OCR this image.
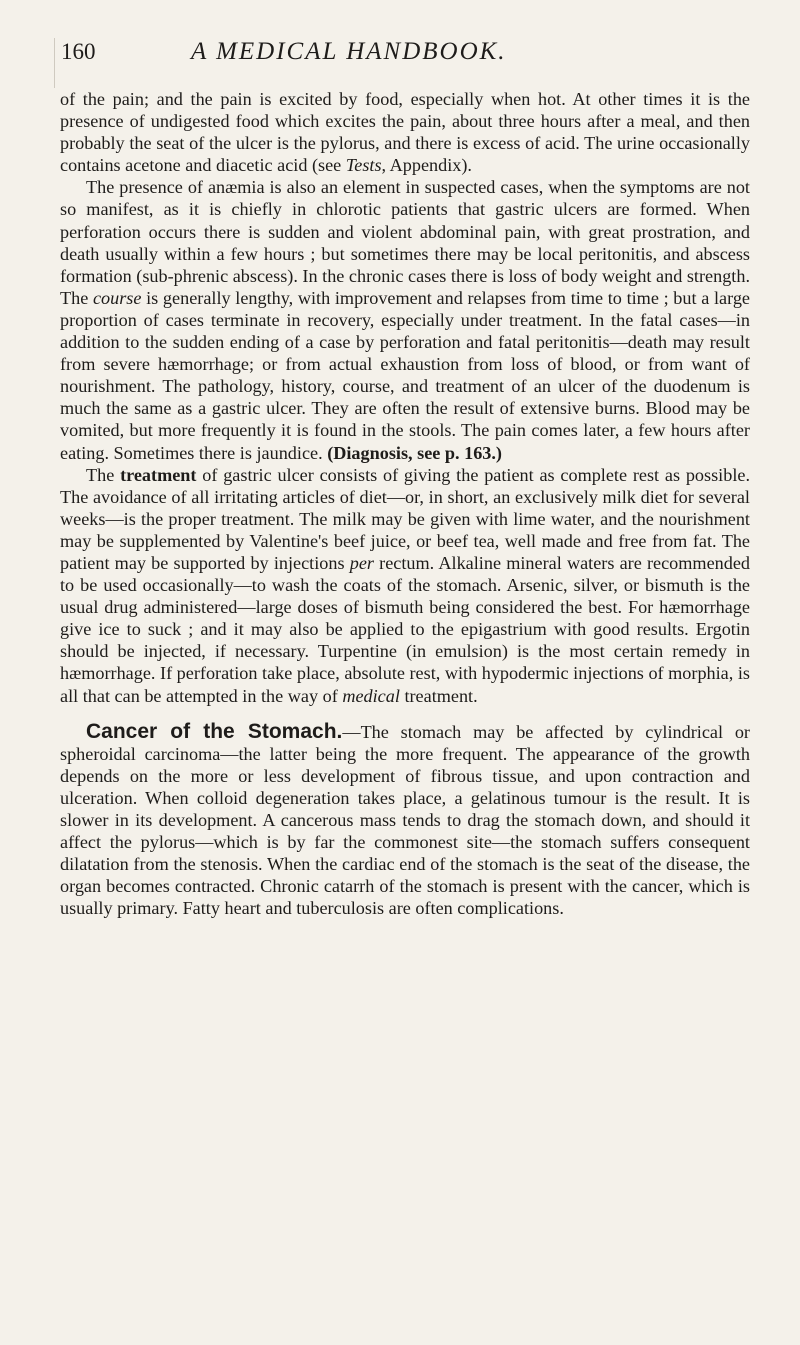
160	A MEDICAL HANDBOOK.

of the pain; and the pain is excited by food, especially when hot. At other times it is the presence of undigested food which excites the pain, about three hours after a meal, and then probably the seat of the ulcer is the pylorus, and there is excess of acid. The urine occasionally contains acetone and diacetic acid (see Tests, Appendix).

The presence of anæmia is also an element in suspected cases, when the symptoms are not so manifest, as it is chiefly in chlorotic patients that gastric ulcers are formed. When perforation occurs there is sudden and violent abdominal pain, with great prostration, and death usually within a few hours ; but sometimes there may be local peritonitis, and abscess formation (sub-phrenic abscess). In the chronic cases there is loss of body weight and strength. The course is generally lengthy, with improvement and relapses from time to time ; but a large proportion of cases terminate in recovery, especially under treatment. In the fatal cases—in addition to the sudden ending of a case by perforation and fatal peritonitis—death may result from severe hæmorrhage; or from actual exhaustion from loss of blood, or from want of nourishment. The pathology, history, course, and treatment of an ulcer of the duodenum is much the same as a gastric ulcer. They are often the result of extensive burns. Blood may be vomited, but more frequently it is found in the stools. The pain comes later, a few hours after eating. Sometimes there is jaundice. (Diagnosis, see p. 163.)

The treatment of gastric ulcer consists of giving the patient as complete rest as possible. The avoidance of all irritating articles of diet—or, in short, an exclusively milk diet for several weeks—is the proper treatment. The milk may be given with lime water, and the nourishment may be supplemented by Valentine's beef juice, or beef tea, well made and free from fat. The patient may be supported by injections per rectum. Alkaline mineral waters are recommended to be used occasionally—to wash the coats of the stomach. Arsenic, silver, or bismuth is the usual drug administered—large doses of bismuth being considered the best. For hæmorrhage give ice to suck ; and it may also be applied to the epigastrium with good results. Ergotin should be injected, if necessary. Turpentine (in emulsion) is the most certain remedy in hæmorrhage. If perforation take place, absolute rest, with hypodermic injections of morphia, is all that can be attempted in the way of medical treatment.

Cancer of the Stomach.—The stomach may be affected by cylindrical or spheroidal carcinoma—the latter being the more frequent. The appearance of the growth depends on the more or less development of fibrous tissue, and upon contraction and ulceration. When colloid degeneration takes place, a gelatinous tumour is the result. It is slower in its development. A cancerous mass tends to drag the stomach down, and should it affect the pylorus—which is by far the commonest site—the stomach suffers consequent dilatation from the stenosis. When the cardiac end of the stomach is the seat of the disease, the organ becomes contracted. Chronic catarrh of the stomach is present with the cancer, which is usually primary. Fatty heart and tuberculosis are often complications.
